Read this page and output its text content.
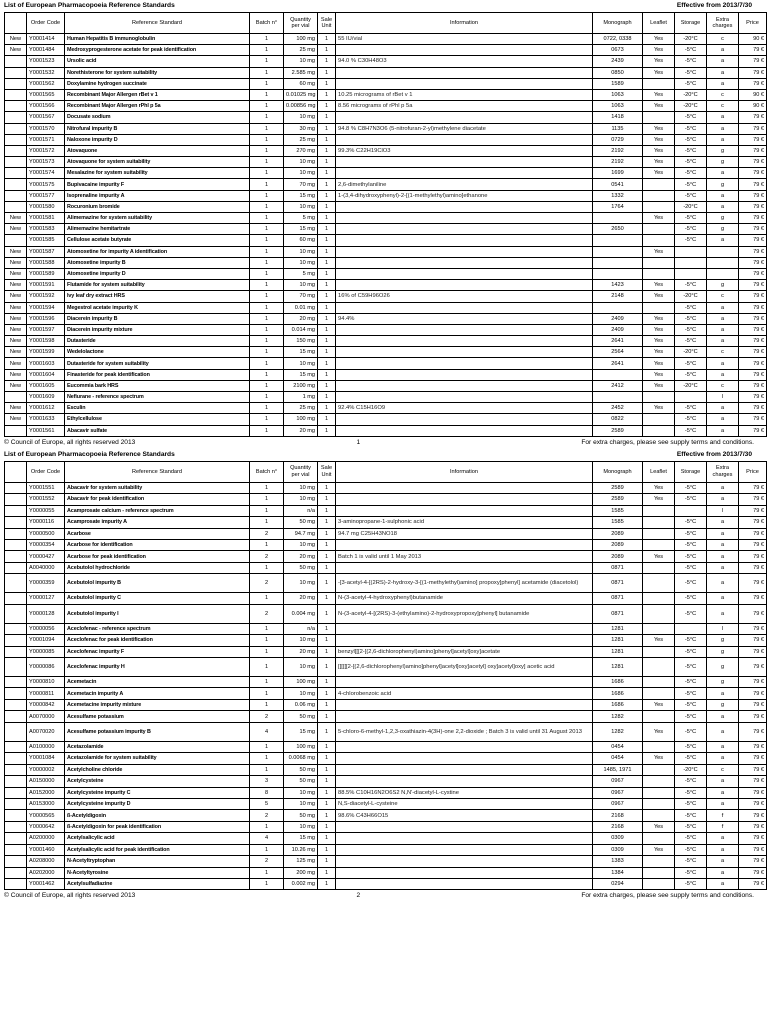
List of European Pharmacopoeia Reference Standards	Effective from 2013/7/30
	Order Code	Reference Standard	Batch n°	Quantity per vial	Sale Unit	Information	Monograph	Leaflet	Storage	Extra charges	Price
New	Y0001414	Human Hepatitis B immunoglobulin	1	100 mg	1	55 IU/vial	0722, 0338	Yes	-20°C	c	90 €
New	Y0001484	Medroxyprogesterone acetate for peak identification	1	25 mg	1		0673	Yes	-5°C	a	79 €
	Y0001523	Ursolic acid	1	10 mg	1	94.0 % C30H48O3	2439	Yes	-5°C	a	79 €
	Y0001532	Norethisterone for system suitability	1	2.585 mg	1		0850	Yes	-5°C	a	79 €
	Y0001562	Doxylamine hydrogen succinate	1	60 mg	1		1589		-5°C	a	79 €
	Y0001565	Recombinant Major Allergen rBet v 1	1	0.01025 mg	1	10.25 micrograms of rBet v 1	1063	Yes	-20°C	c	90 €
	Y0001566	Recombinant Major Allergen rPhl p 5a	1	0.00856 mg	1	8.56 micrograms of rPhl p 5a	1063	Yes	-20°C	c	90 €
	Y0001567	Docusate sodium	1	10 mg	1		1418		-5°C	a	79 €
	Y0001570	Nitrofural impurity B	1	30 mg	1	94.8 % C8H7N3O6 (5-nitrofuran-2-yl)methylene diacetate	1135	Yes	-5°C	a	79 €
	Y0001571	Naloxone impurity D	1	25 mg	1		0729	Yes	-5°C	a	79 €
	Y0001572	Atovaquone	1	270 mg	1	99.3% C22H19ClO3	2192	Yes	-5°C	g	79 €
	Y0001573	Atovaquone for system suitability	1	10 mg	1		2192	Yes	-5°C	g	79 €
	Y0001574	Mesalazine for system suitability	1	10 mg	1		1699	Yes	-5°C	a	79 €
	Y0001575	Bupivacaine impurity F	1	70 mg	1	2,6-dimethylaniline	0541		-5°C	g	79 €
	Y0001577	Isoprenaline impurity A	1	15 mg	1	1-(3,4-dihydroxyphenyl)-2-[(1-methylethyl)amino]ethanone	1332		-5°C	a	79 €
	Y0001580	Rocuronium bromide	1	10 mg	1		1764		-20°C	a	79 €
New	Y0001581	Alimemazine for system suitability	1	5 mg	1			Yes	-5°C	g	79 €
New	Y0001583	Alimemazine hemitartrate	1	15 mg	1		2650		-5°C	g	79 €
	Y0001585	Cellulose acetate butyrate	1	60 mg	1				-5°C	a	79 €
New	Y0001587	Atomoxetine for impurity A identification	1	10 mg	1			Yes			79 €
New	Y0001588	Atomoxetine impurity B	1	10 mg	1						79 €
New	Y0001589	Atomoxetine impurity D	1	5 mg	1						79 €
New	Y0001591	Flutamide for system suitability	1	10 mg	1		1423	Yes	-5°C	g	79 €
New	Y0001592	Ivy leaf dry extract HRS	1	70 mg	1	16% of C59H96O26	2148	Yes	-20°C	c	79 €
New	Y0001594	Megestrol acetate impurity K	1	0.01 mg	1				-5°C	a	79 €
New	Y0001596	Diacerein impurity B	1	20 mg	1	94.4%	2409	Yes	-5°C	a	79 €
New	Y0001597	Diacerein impurity mixture	1	0.014 mg	1		2409	Yes	-5°C	a	79 €
New	Y0001598	Dutasteride	1	150 mg	1		2641	Yes	-5°C	a	79 €
New	Y0001599	Wedelolactone	1	15 mg	1		2564	Yes	-20°C	c	79 €
New	Y0001603	Dutasteride for system suitability	1	10 mg	1		2641	Yes	-5°C	a	79 €
New	Y0001604	Finasteride for peak identification	1	15 mg	1			Yes	-5°C	a	79 €
New	Y0001605	Eucommia bark HRS	1	2100 mg	1		2412	Yes	-20°C	c	79 €
	Y0001609	Nefiurane - reference spectrum	1	1 mg	1					l	79 €
New	Y0001612	Esculin	1	25 mg	1	92.4% C15H16O9	2452	Yes	-5°C	a	79 €
New	Y0001633	Ethylcellulose	1	100 mg	1		0822		-5°C	a	79 €
	Y0001561	Abacavir sulfate	1	20 mg	1		2589		-5°C	a	79 €
© Council of Europe, all rights reserved 2013	1	For extra charges, please see supply terms and conditions.
List of European Pharmacopoeia Reference Standards	Effective from 2013/7/30
	Order Code	Reference Standard	Batch n°	Quantity per vial	Sale Unit	Information	Monograph	Leaflet	Storage	Extra charges	Price
	Y0001551	Abacavir for system suitability	1	10 mg	1		2589	Yes	-5°C	a	79 €
	Y0001552	Abacavir for peak identification	1	10 mg	1		2589	Yes	-5°C	a	79 €
	Y0000055	Acamprosate calcium - reference spectrum	1	n/a	1		1585			l	79 €
	Y0000116	Acamprosate impurity A	1	50 mg	1	3-aminopropane-1-sulphonic acid	1585		-5°C	a	79 €
	Y0000500	Acarbose	2	94.7 mg	1	94.7 mg C25H43NO18	2089		-5°C	a	79 €
	Y0000354	Acarbose for identification	1	10 mg	1		2089		-5°C	a	79 €
	Y0000427	Acarbose for peak identification	2	20 mg	1	Batch 1 is valid until 1 May 2013	2089	Yes	-5°C	a	79 €
	A0040000	Acebutolol hydrochloride	1	50 mg	1		0871		-5°C	a	79 €
	Y0000359	Acebutolol impurity B	2	10 mg	1	-[3-acetyl-4-[(2RS)-2-hydroxy-3-[(1-methylethyl)amino] propoxy]phenyl] acetamide (diacetolol)	0871		-5°C	a	79 €
	Y0000127	Acebutolol impurity C	1	20 mg	1	N-(3-acetyl-4-hydroxyphenyl)butanamide	0871		-5°C	a	79 €
	Y0000128	Acebutolol impurity I	2	0.004 mg	1	N-(3-acetyl-4-[(2RS)-3-(ethylamino)-2-hydroxypropoxy]phenyl] butanamide	0871		-5°C	a	79 €
	Y0000056	Aceclofenac - reference spectrum	1	n/a	1		1281			l	79 €
	Y0001094	Aceclofenac for peak identification	1	10 mg	1		1281	Yes	-5°C	g	79 €
	Y0000085	Aceclofenac impurity F	1	20 mg	1	benzyl[[[2-[(2,6-dichlorophenyl)amino]phenyl]acetyl]oxy]acetate	1281		-5°C	g	79 €
	Y0000086	Aceclofenac impurity H	1	10 mg	1	[[[[[[2-[(2,6-dichlorophenyl)amino]phenyl]acetyl]oxy]acetyl] oxy]acetyl]oxy] acetic acid	1281		-5°C	g	79 €
	Y0000810	Acemetacin	1	100 mg	1		1686		-5°C	g	79 €
	Y0000811	Acemetacin impurity A	1	10 mg	1	4-chlorobenzoic acid	1686		-5°C	a	79 €
	Y0000842	Acemetacine impurity mixture	1	0.06 mg	1		1686	Yes	-5°C	g	79 €
	A0070000	Acesulfame potassium	2	50 mg	1		1282		-5°C	a	79 €
	A0070020	Acesulfame potassium impurity B	4	15 mg	1	5-chloro-6-methyl-1,2,3-oxathiazin-4(3H)-one 2,2-dioxide ; Batch 3 is valid until 31 August 2013	1282	Yes	-5°C	a	79 €
	A0100000	Acetazolamide	1	100 mg	1		0454		-5°C	a	79 €
	Y0001084	Acetazolamide for system suitability	1	0.0068 mg	1		0454	Yes	-5°C	a	79 €
	Y0000002	Acetylcholine chloride	1	50 mg	1		1485, 1971		-20°C	c	79 €
	A0150000	Acetylcysteine	3	50 mg	1		0967		-5°C	a	79 €
	A0152000	Acetylcysteine impurity C	8	10 mg	1	88.5% C10H16N2O6S2 N,N'-diacetyl-L-cystine	0967		-5°C	a	79 €
	A0153000	Acetylcysteine impurity D	5	10 mg	1	N,S-diacetyl-L-cysteine	0967		-5°C	a	79 €
	Y0000565	ß-Acetyldigoxin	2	50 mg	1	98.6% C43H66O15	2168		-5°C	f	79 €
	Y0000642	ß-Acetyldigoxin for peak identification	1	10 mg	1		2168	Yes	-5°C	f	79 €
	A0200000	Acetylsalicylic acid	4	15 mg	1		0309		-5°C	a	79 €
	Y0001460	Acetylsalicylic acid for peak identification	1	10.26 mg	1		0309	Yes	-5°C	a	79 €
	A0208000	N-Acetyltryptophan	2	125 mg	1		1383		-5°C	a	79 €
	A0202000	N-Acetyltyrosine	1	200 mg	1		1384		-5°C	a	79 €
	Y0001462	Acetylsulfadiazine	1	0.002 mg	1		0294		-5°C	a	79 €
© Council of Europe, all rights reserved 2013	2	For extra charges, please see supply terms and conditions.
